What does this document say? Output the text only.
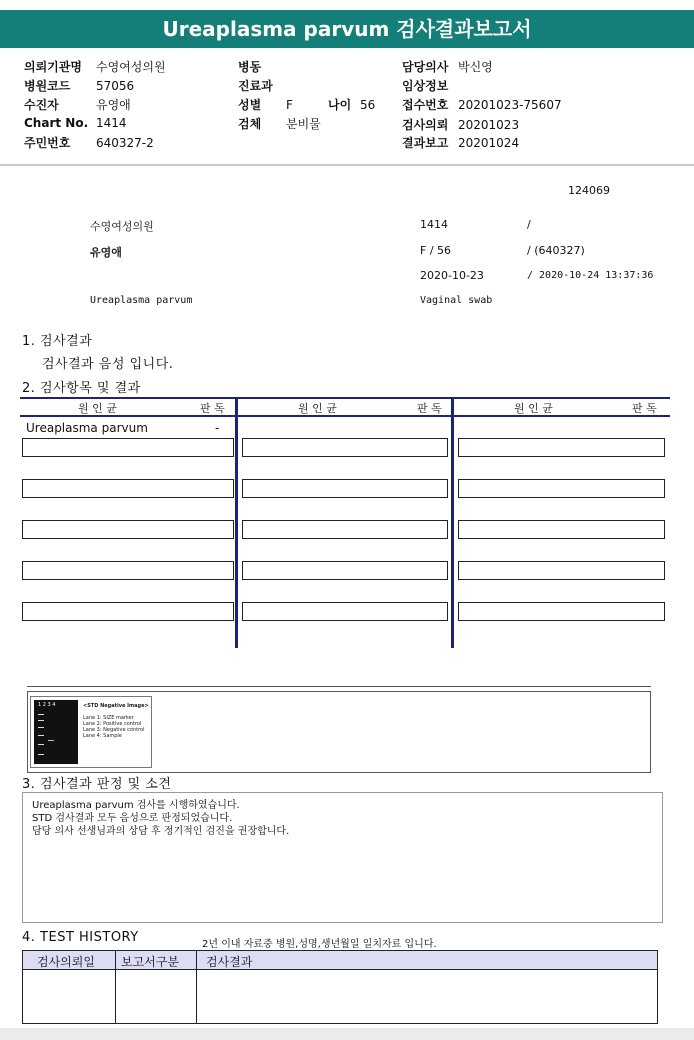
Ureaplasma parvum 검사결과보고서
의뢰기관명 수영여성의원
병원코드 57056
수진자	유영애
Chart No. 1414
주민번호 640327-2
병동
진료과
성별 F	나이 56
검체 분비물
담당의사 박신영
임상정보
접수번호 20201023-75607
검사의뢰 20201023
결과보고 20201024
124069
수영여성의원	1414	/
유영애	F / 56	/ (640327)
2020-10-23	/ 2020-10-24 13:37:36
Ureaplasma parvum	Vaginal swab
1. 검사결과
검사결과 음성 입니다.
2. 검사항목 및 결과
원 인 균	판 독	원 인 균	판 독	원 인 균	판 독
Ureaplasma parvum	-
1 2 3 4	<STD Negative Image>
Lane 1: SIZE marker
Lane 2: Positive control
Lane 3: Negative control
Lane 4: Sample
3. 검사결과 판정 및 소견
Ureaplasma parvum 검사를 시행하였습니다.
STD 검사결과 모두 음성으로 판정되었습니다.
담당 의사 선생님과의 상담 후 정기적인 검진을 권장합니다.
4. TEST HISTORY	2년 이내 자료중 병원,성명,생년월일 일치자료 입니다.
검사의뢰일 보고서구분 검사결과
